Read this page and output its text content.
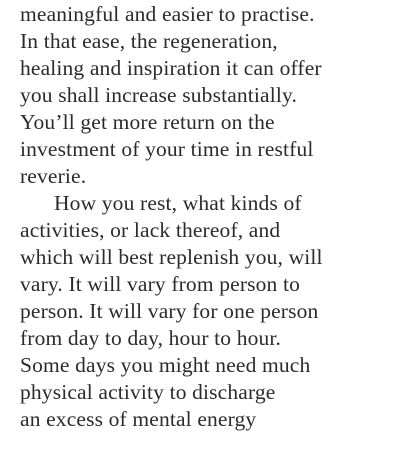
meaningful and easier to practise.
In that ease, the regeneration,
healing and inspiration it can offer
you shall increase substantially.
You’ll get more return on the
investment of your time in restful
reverie.
How you rest, what kinds of
activities, or lack thereof, and
which will best replenish you, will
vary. It will vary from person to
person. It will vary for one person
from day to day, hour to hour.
Some days you might need much
physical activity to discharge
an excess of mental energy
